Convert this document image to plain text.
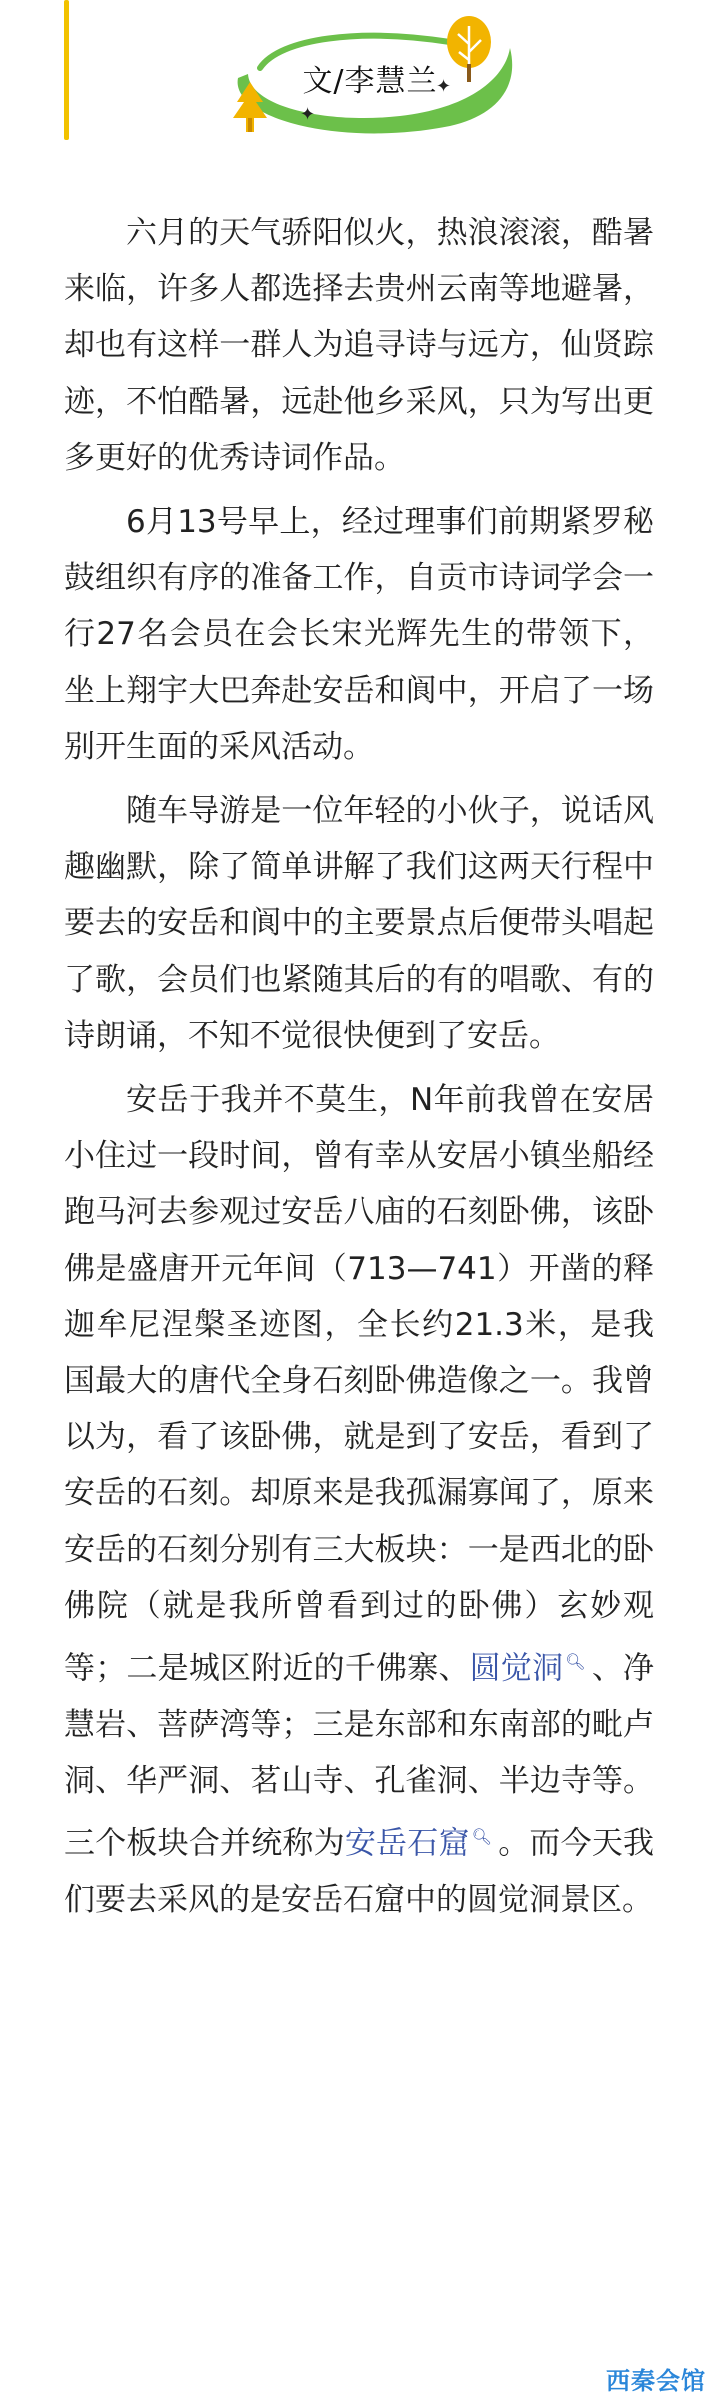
文/李慧兰
✦
✦

六月的天气骄阳似火，热浪滚滚，酷暑来临，许多人都选择去贵州云南等地避暑，却也有这样一群人为追寻诗与远方，仙贤踪迹，不怕酷暑，远赴他乡采风，只为写出更多更好的优秀诗词作品。

6月13号早上，经过理事们前期紧罗秘鼓组织有序的准备工作，自贡市诗词学会一行27名会员在会长宋光辉先生的带领下，坐上翔宇大巴奔赴安岳和阆中，开启了一场别开生面的采风活动。

随车导游是一位年轻的小伙子，说话风趣幽默，除了简单讲解了我们这两天行程中要去的安岳和阆中的主要景点后便带头唱起了歌，会员们也紧随其后的有的唱歌、有的诗朗诵，不知不觉很快便到了安岳。

安岳于我并不莫生，N年前我曾在安居小住过一段时间，曾有幸从安居小镇坐船经跑马河去参观过安岳八庙的石刻卧佛，该卧佛是盛唐开元年间（713—741）开凿的释迦牟尼涅槃圣迹图，全长约21.3米，是我国最大的唐代全身石刻卧佛造像之一。我曾以为，看了该卧佛，就是到了安岳，看到了安岳的石刻。却原来是我孤漏寡闻了，原来安岳的石刻分别有三大板块：一是西北的卧佛院（就是我所曾看到过的卧佛）玄妙观等；二是城区附近的千佛寨、圆觉洞 🔍︎ 、净慧岩、菩萨湾等；三是东部和东南部的毗卢洞、华严洞、茗山寺、孔雀洞、半边寺等。三个板块合并统称为安岳石窟 🔍︎ 。而今天我们要去采风的是安岳石窟中的圆觉洞景区。

西秦会馆
